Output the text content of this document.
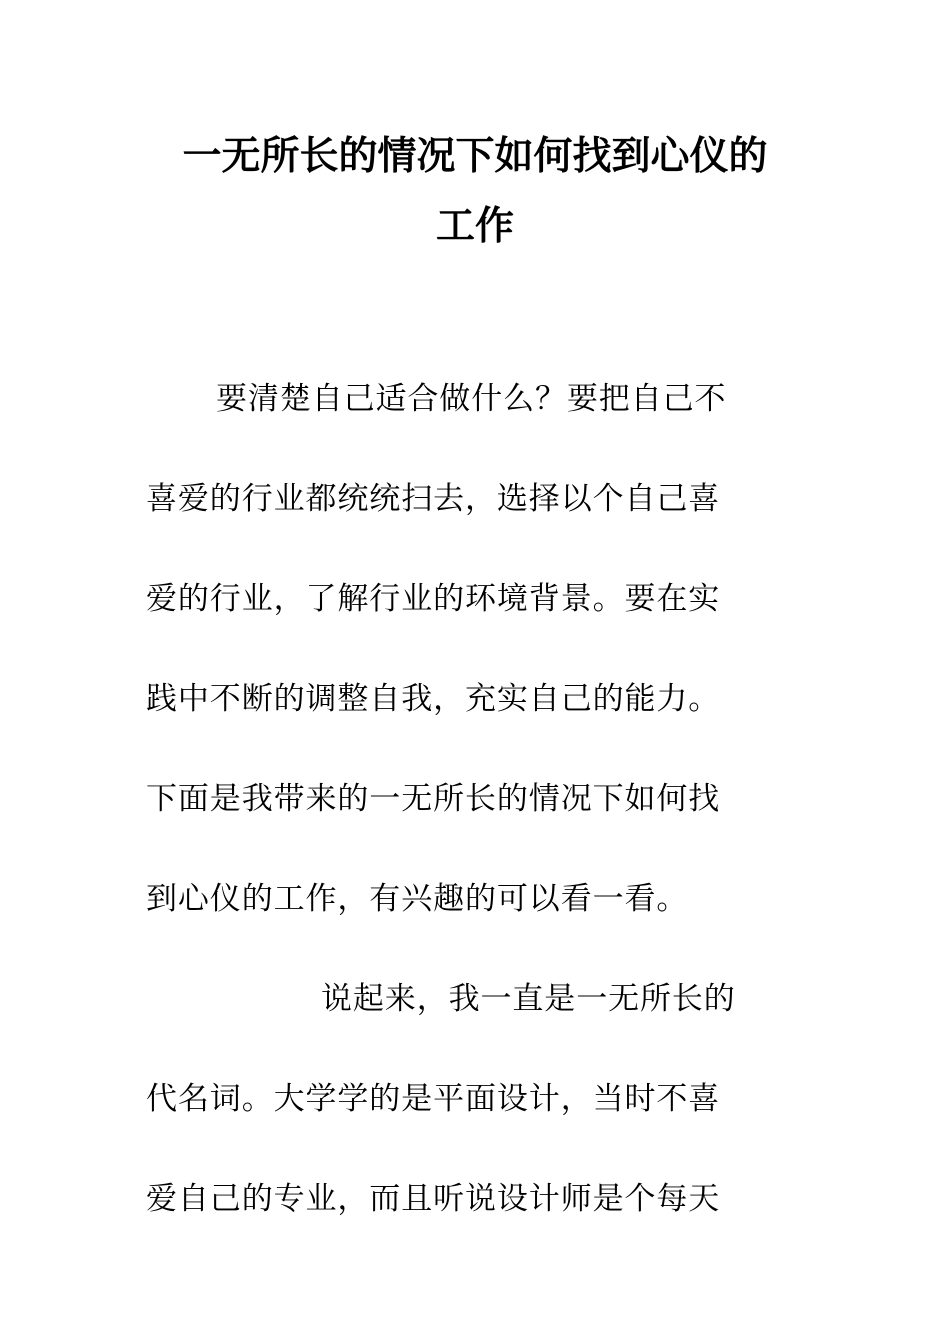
一无所长的情况下如何找到心仪的
工作
要清楚自己适合做什么？要把自己不
喜爱的行业都统统扫去，选择以个自己喜
爱的行业，了解行业的环境背景。要在实
践中不断的调整自我，充实自己的能力。
下面是我带来的一无所长的情况下如何找
到心仪的工作，有兴趣的可以看一看。
说起来，我一直是一无所长的
代名词。大学学的是平面设计，当时不喜
爱自己的专业，而且听说设计师是个每天
